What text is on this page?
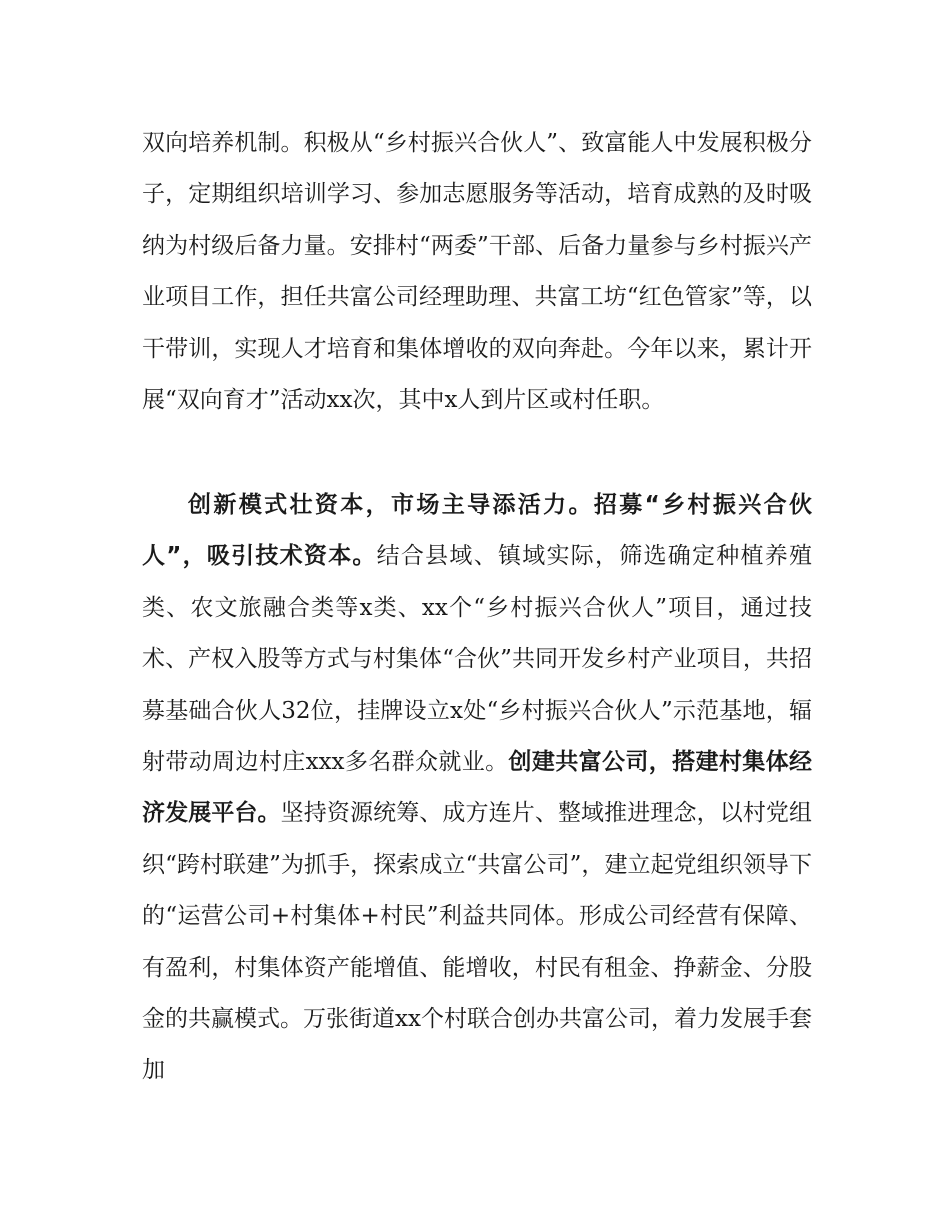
双向培养机制。积极从“乡村振兴合伙人”、致富能人中发展积极分子，定期组织培训学习、参加志愿服务等活动，培育成熟的及时吸纳为村级后备力量。安排村“两委”干部、后备力量参与乡村振兴产业项目工作，担任共富公司经理助理、共富工坊“红色管家”等，以干带训，实现人才培育和集体增收的双向奔赴。今年以来，累计开展“双向育才”活动xx次，其中x人到片区或村任职。

创新模式壮资本，市场主导添活力。招募“乡村振兴合伙人”，吸引技术资本。结合县域、镇域实际，筛选确定种植养殖类、农文旅融合类等x类、xx个“乡村振兴合伙人”项目，通过技术、产权入股等方式与村集体“合伙”共同开发乡村产业项目，共招募基础合伙人32位，挂牌设立x处“乡村振兴合伙人”示范基地，辐射带动周边村庄xxx多名群众就业。创建共富公司，搭建村集体经济发展平台。坚持资源统筹、成方连片、整域推进理念，以村党组织“跨村联建”为抓手，探索成立“共富公司”，建立起党组织领导下的“运营公司+村集体+村民”利益共同体。形成公司经营有保障、有盈利，村集体资产能增值、能增收，村民有租金、挣薪金、分股金的共赢模式。万张街道xx个村联合创办共富公司，着力发展手套加
